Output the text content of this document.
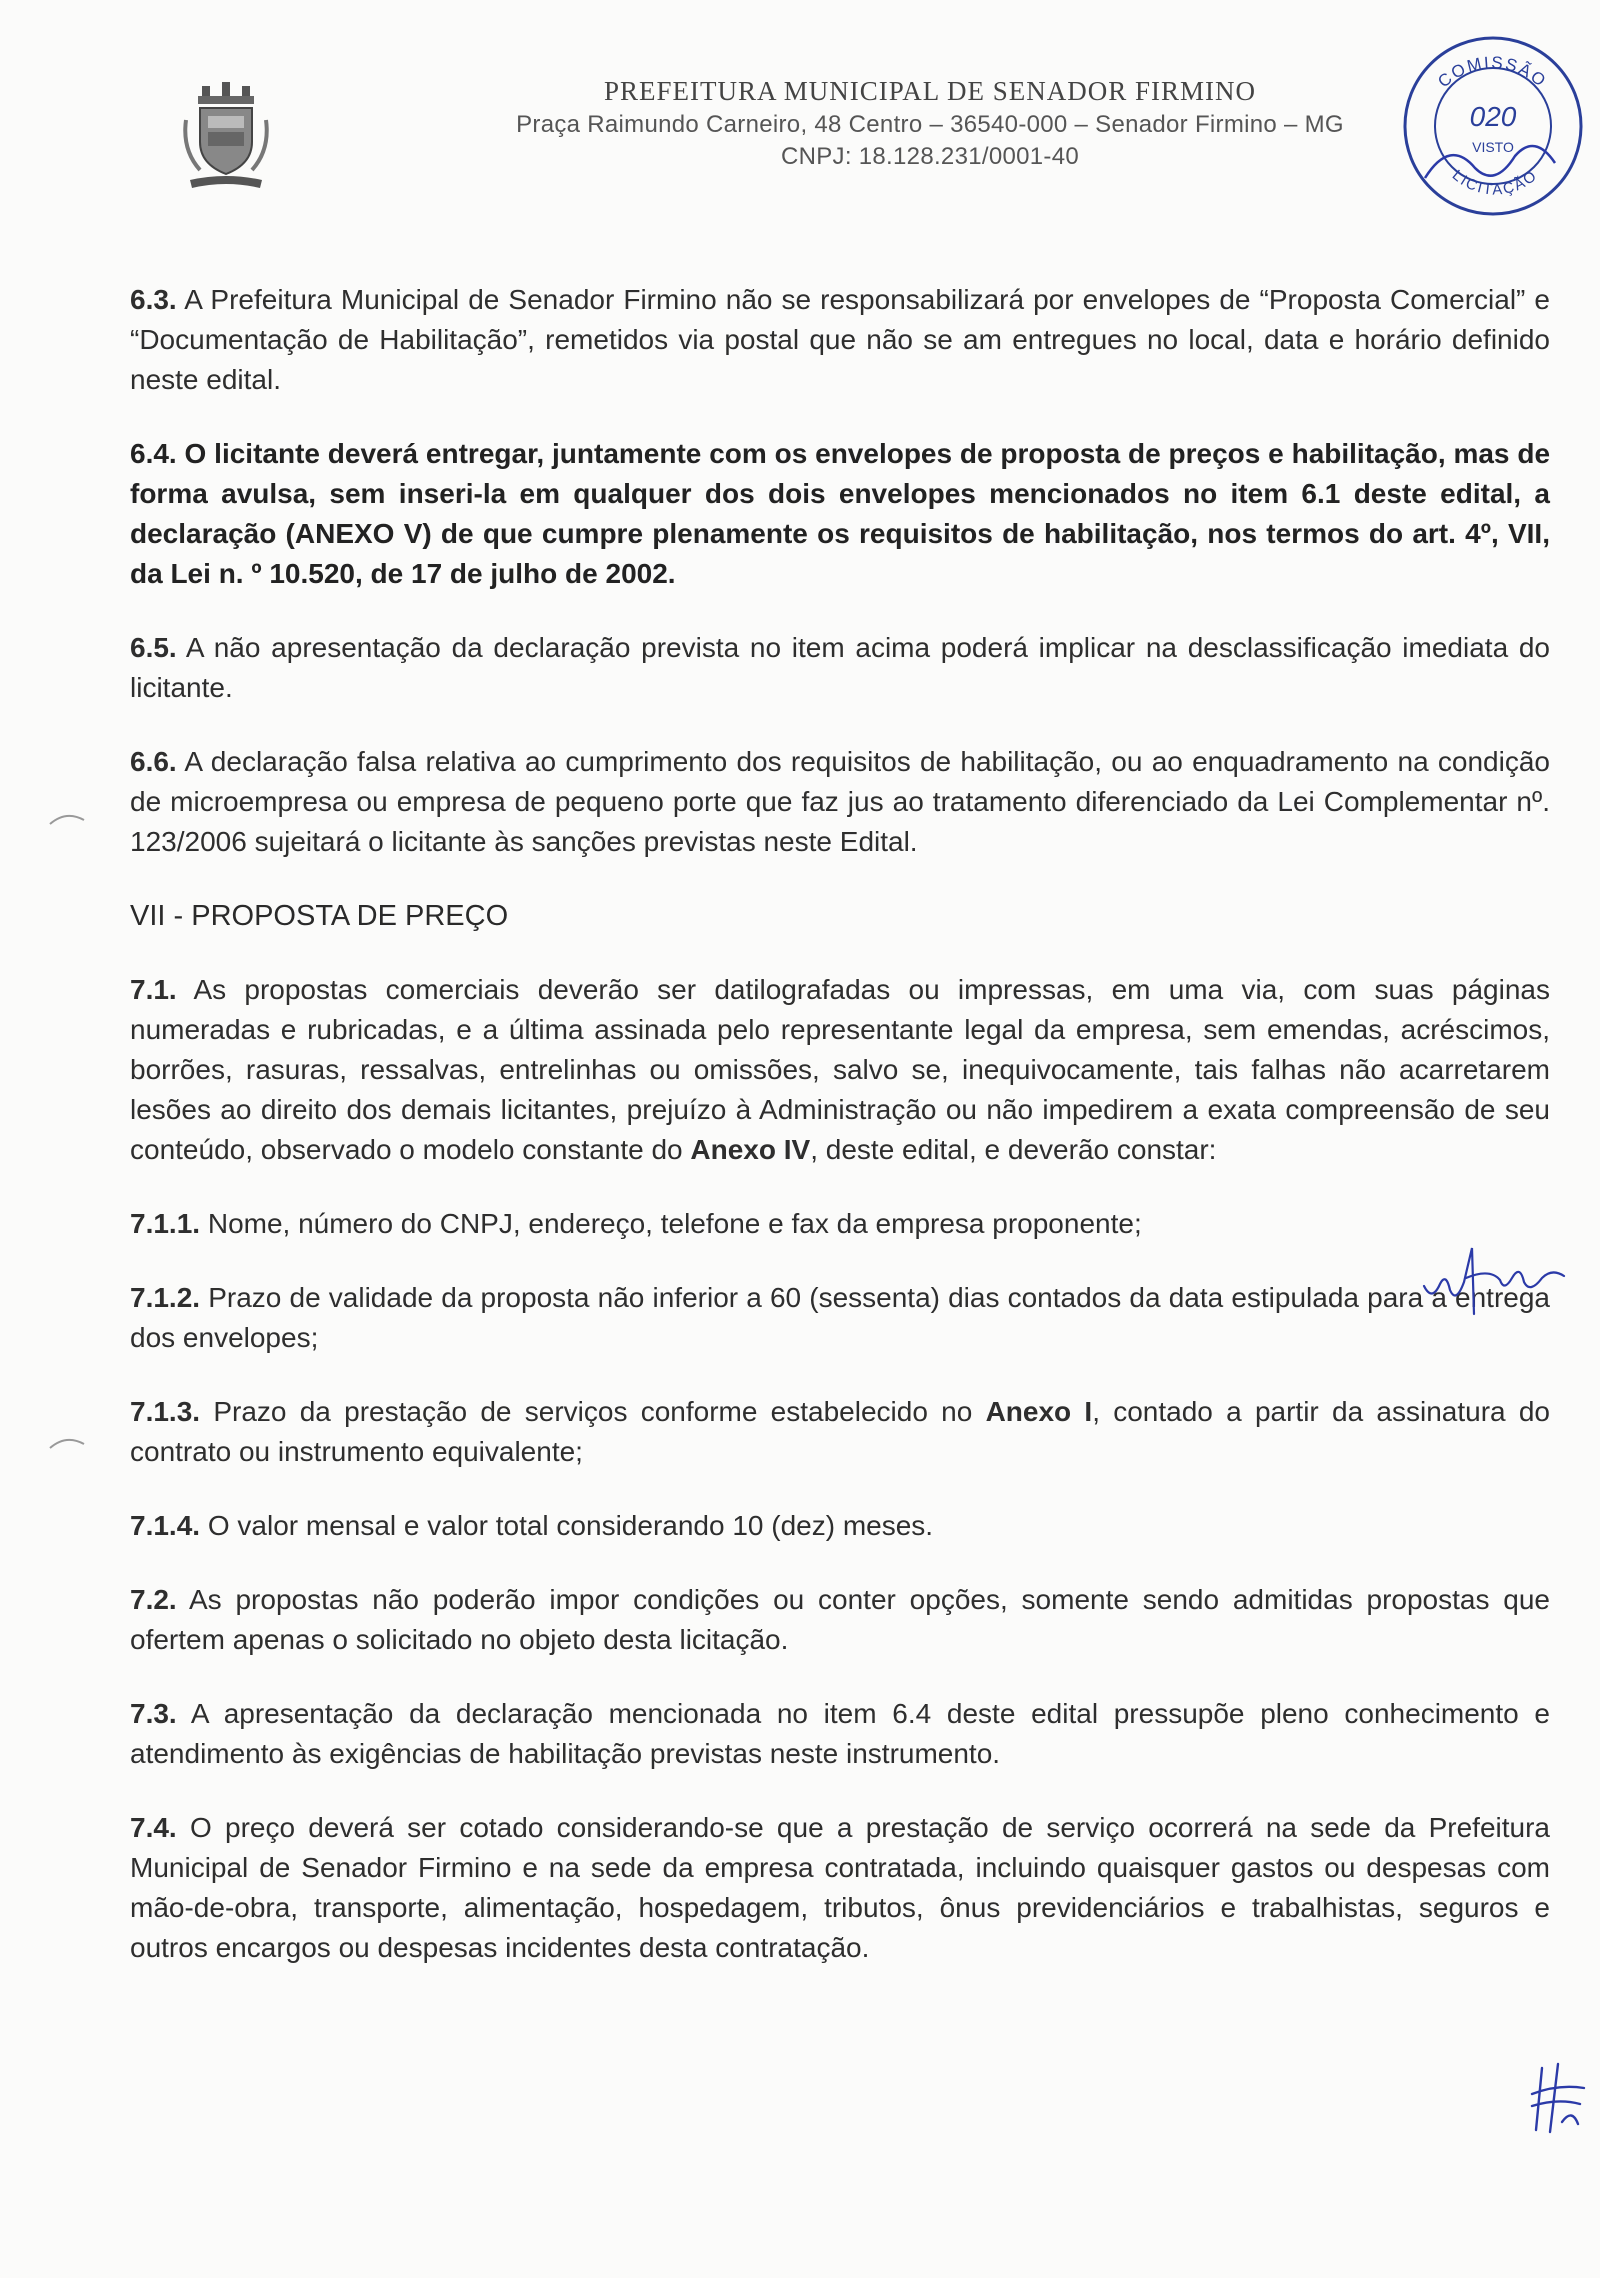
PREFEITURA MUNICIPAL DE SENADOR FIRMINO
Praça Raimundo Carneiro, 48 Centro – 36540-000 – Senador Firmino – MG
CNPJ: 18.128.231/0001-40
COMISSÃO
020
VISTO
LICITAÇÃO

6.3. A Prefeitura Municipal de Senador Firmino não se responsabilizará por envelopes de “Proposta Comercial” e “Documentação de Habilitação”, remetidos via postal que não se am entregues no local, data e horário definido neste edital.

6.4. O licitante deverá entregar, juntamente com os envelopes de proposta de preços e habilitação, mas de forma avulsa, sem inseri-la em qualquer dos dois envelopes mencionados no item 6.1 deste edital, a declaração (ANEXO V) de que cumpre plenamente os requisitos de habilitação, nos termos do art. 4º, VII, da Lei n. º 10.520, de 17 de julho de 2002.

6.5. A não apresentação da declaração prevista no item acima poderá implicar na desclassificação imediata do licitante.

6.6. A declaração falsa relativa ao cumprimento dos requisitos de habilitação, ou ao enquadramento na condição de microempresa ou empresa de pequeno porte que faz jus ao tratamento diferenciado da Lei Complementar nº. 123/2006 sujeitará o licitante às sanções previstas neste Edital.

VII - PROPOSTA DE PREÇO

7.1. As propostas comerciais deverão ser datilografadas ou impressas, em uma via, com suas páginas numeradas e rubricadas, e a última assinada pelo representante legal da empresa, sem emendas, acréscimos, borrões, rasuras, ressalvas, entrelinhas ou omissões, salvo se, inequivocamente, tais falhas não acarretarem lesões ao direito dos demais licitantes, prejuízo à Administração ou não impedirem a exata compreensão de seu conteúdo, observado o modelo constante do Anexo IV, deste edital, e deverão constar:

7.1.1. Nome, número do CNPJ, endereço, telefone e fax da empresa proponente;

7.1.2. Prazo de validade da proposta não inferior a 60 (sessenta) dias contados da data estipulada para a entrega dos envelopes;

7.1.3. Prazo da prestação de serviços conforme estabelecido no Anexo I, contado a partir da assinatura do contrato ou instrumento equivalente;

7.1.4. O valor mensal e valor total considerando 10 (dez) meses.

7.2. As propostas não poderão impor condições ou conter opções, somente sendo admitidas propostas que ofertem apenas o solicitado no objeto desta licitação.

7.3. A apresentação da declaração mencionada no item 6.4 deste edital pressupõe pleno conhecimento e atendimento às exigências de habilitação previstas neste instrumento.

7.4. O preço deverá ser cotado considerando-se que a prestação de serviço ocorrerá na sede da Prefeitura Municipal de Senador Firmino e na sede da empresa contratada, incluindo quaisquer gastos ou despesas com mão-de-obra, transporte, alimentação, hospedagem, tributos, ônus previdenciários e trabalhistas, seguros e outros encargos ou despesas incidentes desta contratação.
